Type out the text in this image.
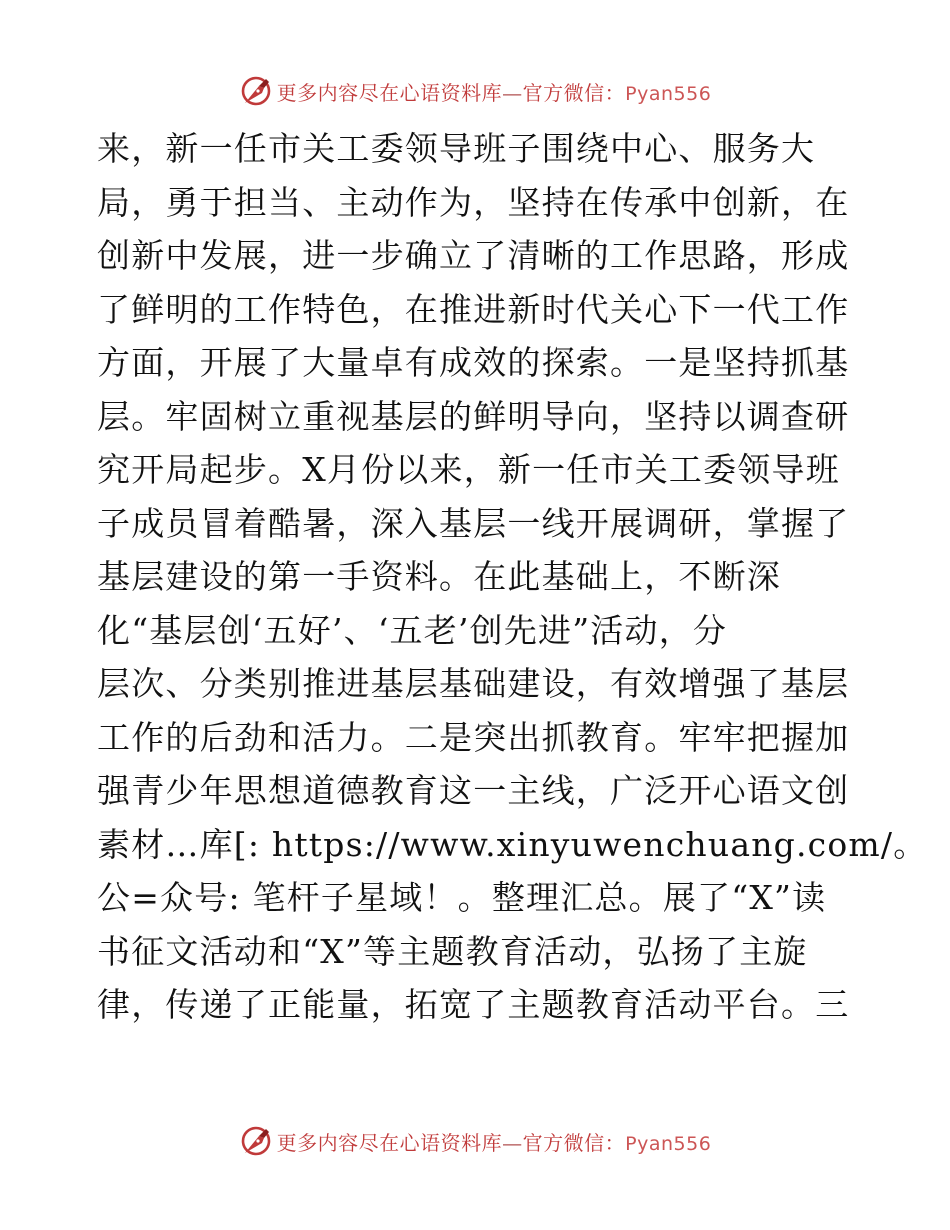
更多内容尽在心语资料库—官方微信：Pyan556
来，新一任市关工委领导班子围绕中心、服务大
局，勇于担当、主动作为，坚持在传承中创新，在
创新中发展，进一步确立了清晰的工作思路，形成
了鲜明的工作特色，在推进新时代关心下一代工作
方面，开展了大量卓有成效的探索。一是坚持抓基
层。牢固树立重视基层的鲜明导向，坚持以调查研
究开局起步。X月份以来，新一任市关工委领导班
子成员冒着酷暑，深入基层一线开展调研，掌握了
基层建设的第一手资料。在此基础上，不断深
化“基层创‘五好’、‘五老’创先进”活动，分
层次、分类别推进基层基础建设，有效增强了基层
工作的后劲和活力。二是突出抓教育。牢牢把握加
强青少年思想道德教育这一主线，广泛开心语文创
素材…库[: https://www.xinyuwenchuang.com/。
公=众号: 笔杆子星域！。整理汇总。展了“X”读
书征文活动和“X”等主题教育活动，弘扬了主旋
律，传递了正能量，拓宽了主题教育活动平台。三
更多内容尽在心语资料库—官方微信：Pyan556
